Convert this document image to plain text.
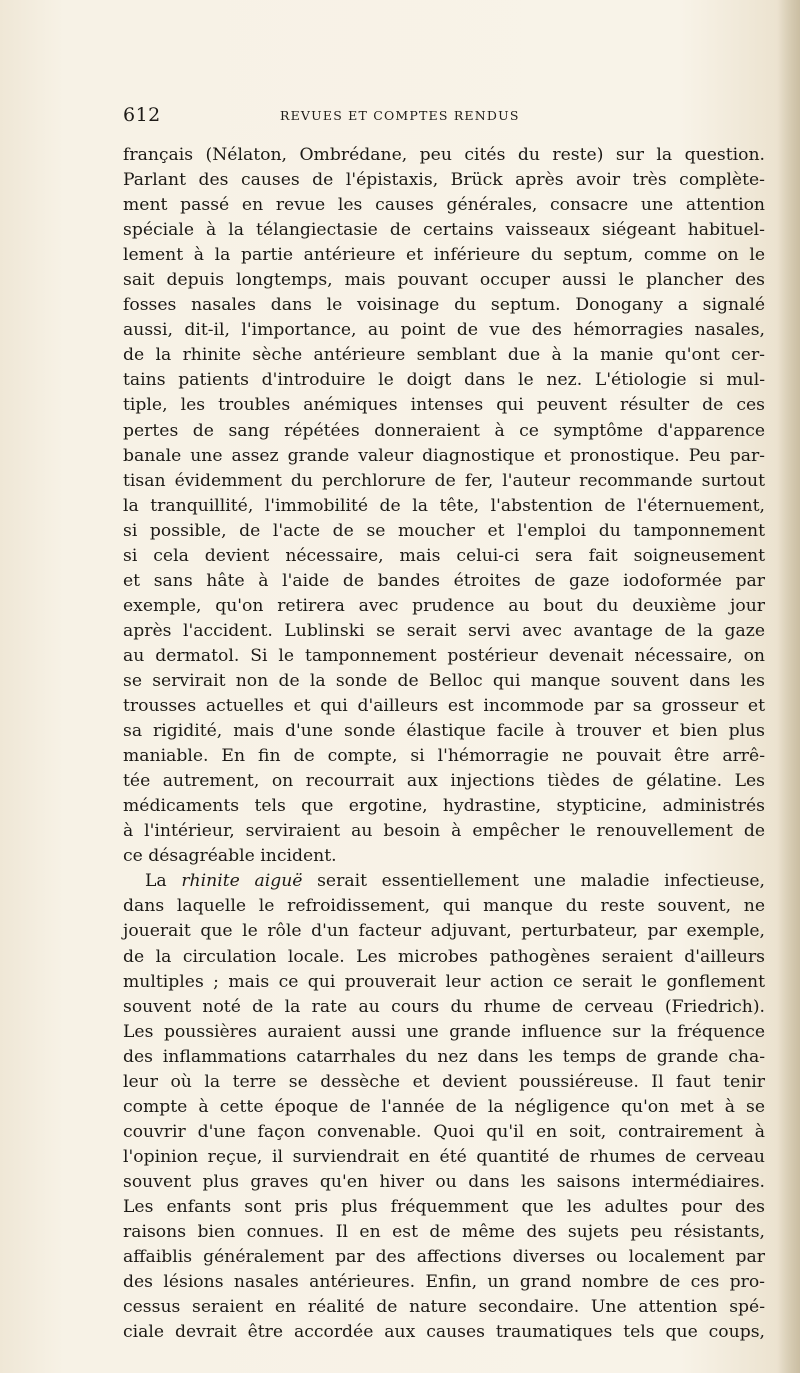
612	REVUES ET COMPTES RENDUS
français (Nélaton, Ombrédane, peu cités du reste) sur la question.
Parlant des causes de l'épistaxis, Brück après avoir très complète-
ment passé en revue les causes générales, consacre une attention
spéciale à la télangiectasie de certains vaisseaux siégeant habituel-
lement à la partie antérieure et inférieure du septum, comme on le
sait depuis longtemps, mais pouvant occuper aussi le plancher des
fosses nasales dans le voisinage du septum. Donogany a signalé
aussi, dit-il, l'importance, au point de vue des hémorragies nasales,
de la rhinite sèche antérieure semblant due à la manie qu'ont cer-
tains patients d'introduire le doigt dans le nez. L'étiologie si mul-
tiple, les troubles anémiques intenses qui peuvent résulter de ces
pertes de sang répétées donneraient à ce symptôme d'apparence
banale une assez grande valeur diagnostique et pronostique. Peu par-
tisan évidemment du perchlorure de fer, l'auteur recommande surtout
la tranquillité, l'immobilité de la tête, l'abstention de l'éternuement,
si possible, de l'acte de se moucher et l'emploi du tamponnement
si cela devient nécessaire, mais celui-ci sera fait soigneusement
et sans hâte à l'aide de bandes étroites de gaze iodoformée par
exemple, qu'on retirera avec prudence au bout du deuxième jour
après l'accident. Lublinski se serait servi avec avantage de la gaze
au dermatol. Si le tamponnement postérieur devenait nécessaire, on
se servirait non de la sonde de Belloc qui manque souvent dans les
trousses actuelles et qui d'ailleurs est incommode par sa grosseur et
sa rigidité, mais d'une sonde élastique facile à trouver et bien plus
maniable. En fin de compte, si l'hémorragie ne pouvait être arrê-
tée autrement, on recourrait aux injections tièdes de gélatine. Les
médicaments tels que ergotine, hydrastine, stypticine, administrés
à l'intérieur, serviraient au besoin à empêcher le renouvellement de
ce désagréable incident.
La rhinite aiguë serait essentiellement une maladie infectieuse,
dans laquelle le refroidissement, qui manque du reste souvent, ne
jouerait que le rôle d'un facteur adjuvant, perturbateur, par exemple,
de la circulation locale. Les microbes pathogènes seraient d'ailleurs
multiples ; mais ce qui prouverait leur action ce serait le gonflement
souvent noté de la rate au cours du rhume de cerveau (Friedrich).
Les poussières auraient aussi une grande influence sur la fréquence
des inflammations catarrhales du nez dans les temps de grande cha-
leur où la terre se dessèche et devient poussiéreuse. Il faut tenir
compte à cette époque de l'année de la négligence qu'on met à se
couvrir d'une façon convenable. Quoi qu'il en soit, contrairement à
l'opinion reçue, il surviendrait en été quantité de rhumes de cerveau
souvent plus graves qu'en hiver ou dans les saisons intermédiaires.
Les enfants sont pris plus fréquemment que les adultes pour des
raisons bien connues. Il en est de même des sujets peu résistants,
affaiblis généralement par des affections diverses ou localement par
des lésions nasales antérieures. Enfin, un grand nombre de ces pro-
cessus seraient en réalité de nature secondaire. Une attention spé-
ciale devrait être accordée aux causes traumatiques tels que coups,
